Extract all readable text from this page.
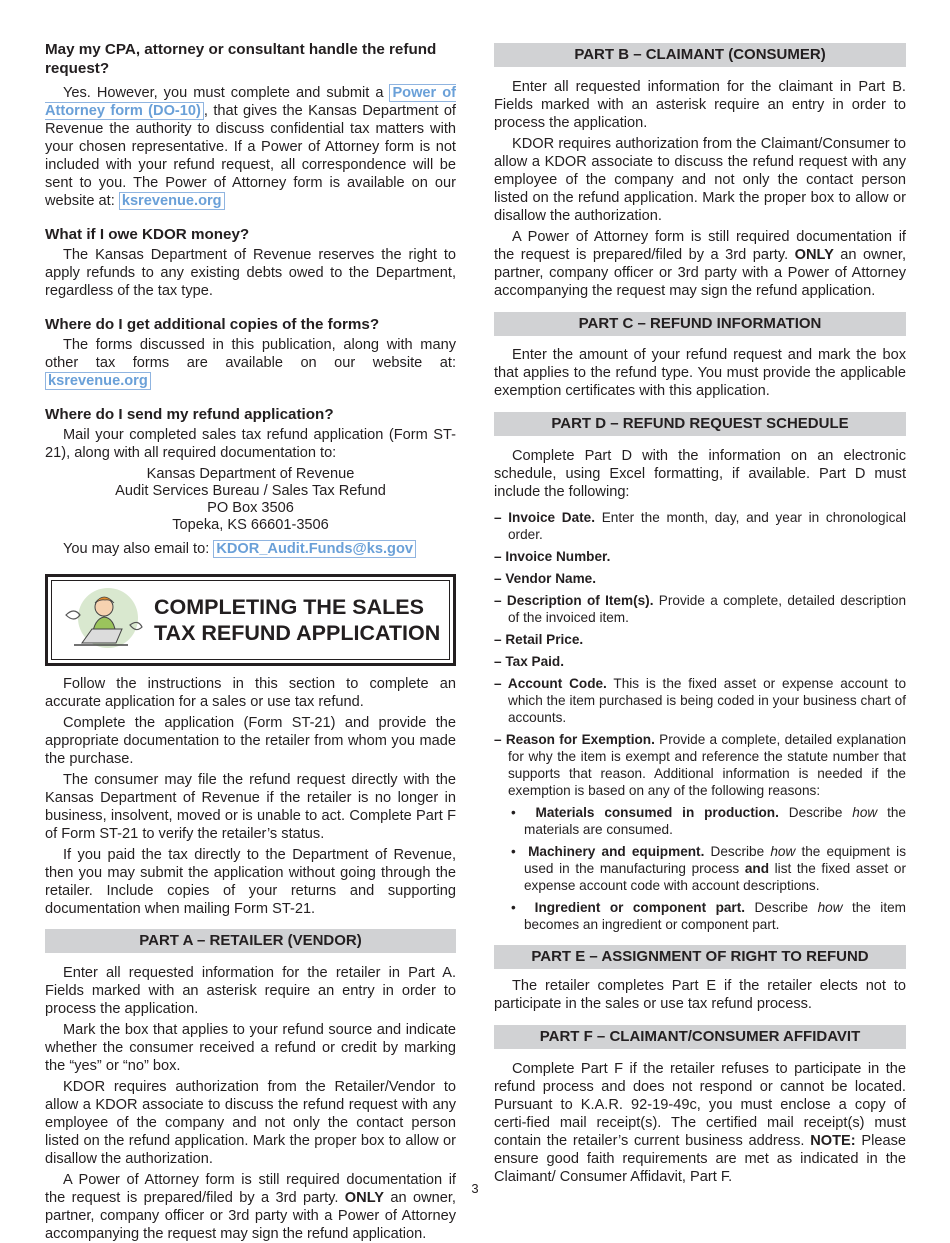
May my CPA, attorney or consultant handle the refund request?

Yes. However, you must complete and submit a Power of Attorney form (DO-10) , that gives the Kansas Department of Revenue the authority to discuss confidential tax matters with your chosen representative. If a Power of Attorney form is not included with your refund request, all correspondence will be sent to you. The Power of Attorney form is available on our website at: ksrevenue.org

What if I owe KDOR money?

The Kansas Department of Revenue reserves the right to apply refunds to any existing debts owed to the Department, regardless of the tax type.

Where do I get additional copies of the forms?

The forms discussed in this publication, along with many other tax forms are available on our website at: ksrevenue.org

Where do I send my refund application?

Mail your completed sales tax refund application (Form ST-21), along with all required documentation to:

Kansas Department of Revenue
Audit Services Bureau / Sales Tax Refund
PO Box 3506
Topeka, KS 66601-3506
You may also email to: KDOR_Audit.Funds@ks.gov
COMPLETING THE SALES
TAX REFUND APPLICATION

Follow the instructions in this section to complete an accurate application for a sales or use tax refund.

Complete the application (Form ST-21) and provide the appropriate documentation to the retailer from whom you made the purchase.

The consumer may file the refund request directly with the Kansas Department of Revenue if the retailer is no longer in business, insolvent, moved or is unable to act. Complete Part F of Form ST-21 to verify the retailer’s status.

If you paid the tax directly to the Department of Revenue, then you may submit the application without going through the retailer. Include copies of your returns and supporting documentation when mailing Form ST-21.

PART A – RETAILER (VENDOR)

Enter all requested information for the retailer in Part A. Fields marked with an asterisk require an entry in order to process the application.

Mark the box that applies to your refund source and indicate whether the consumer received a refund or credit by marking the “yes” or “no” box.

KDOR requires authorization from the Retailer/Vendor to allow a KDOR associate to discuss the refund request with any employee of the company and not only the contact person listed on the refund application. Mark the proper box to allow or disallow the authorization.

A Power of Attorney form is still required documentation if the request is prepared/filed by a 3rd party. ONLY an owner, partner, company officer or 3rd party with a Power of Attorney accompanying the request may sign the refund application.

PART B – CLAIMANT (CONSUMER)

Enter all requested information for the claimant in Part B. Fields marked with an asterisk require an entry in order to process the application.

KDOR requires authorization from the Claimant/Consumer to allow a KDOR associate to discuss the refund request with any employee of the company and not only the contact person listed on the refund application. Mark the proper box to allow or disallow the authorization.

A Power of Attorney form is still required documentation if the request is prepared/filed by a 3rd party. ONLY an owner, partner, company officer or 3rd party with a Power of Attorney accompanying the request may sign the refund application.

PART C – REFUND INFORMATION

Enter the amount of your refund request and mark the box that applies to the refund type. You must provide the applicable exemption certificates with this application.

PART D – REFUND REQUEST SCHEDULE

Complete Part D with the information on an electronic schedule, using Excel formatting, if available. Part D must include the following:

– Invoice Date. Enter the month, day, and year in chronological order.
– Invoice Number.
– Vendor Name.
– Description of Item(s). Provide a complete, detailed description of the invoiced item.
– Retail Price.
– Tax Paid.
– Account Code. This is the fixed asset or expense account to which the item purchased is being coded in your business chart of accounts.
– Reason for Exemption. Provide a complete, detailed explanation for why the item is exempt and reference the statute number that supports that reason. Additional information is needed if the exemption is based on any of the following reasons:
•  Materials consumed in production. Describe how the materials are consumed.
•  Machinery and equipment. Describe how the equipment is used in the manufacturing process and list the fixed asset or expense account code with account descriptions.
•  Ingredient or component part. Describe how the item becomes an ingredient or component part.
PART E – ASSIGNMENT OF RIGHT TO REFUND

The retailer completes Part E if the retailer elects not to participate in the sales or use tax refund process.

PART F – CLAIMANT/CONSUMER AFFIDAVIT

Complete Part F if the retailer refuses to participate in the refund process and does not respond or cannot be located. Pursuant to K.A.R. 92-19-49c, you must enclose a copy of certi-fied mail receipt(s). The certified mail receipt(s) must contain the retailer’s current business address. NOTE: Please ensure good faith requirements are met as indicated in the Claimant/ Consumer Affidavit, Part F.

3
